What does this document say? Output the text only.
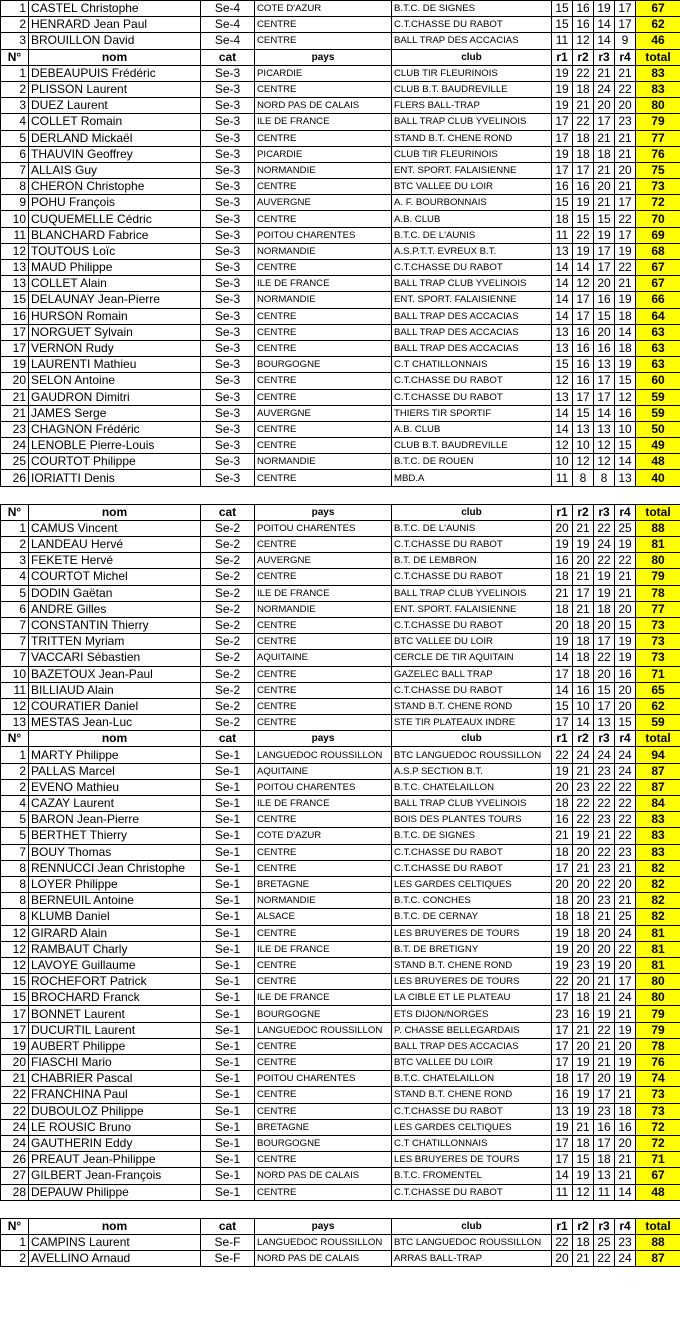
1	CASTEL Christophe	Se-4	COTE D'AZUR	B.T.C. DE SIGNES	15	16	19	17	67
2	HENRARD Jean Paul	Se-4	CENTRE	C.T.CHASSE DU RABOT	15	16	14	17	62
3	BROUILLON David	Se-4	CENTRE	BALL TRAP DES ACCACIAS	11	12	14	9	46
N°	nom	cat	pays	club	r1	r2	r3	r4	total
1	DEBEAUPUIS Frédéric	Se-3	PICARDIE	CLUB TIR FLEURINOIS	19	22	21	21	83
2	PLISSON Laurent	Se-3	CENTRE	CLUB B.T. BAUDREVILLE	19	18	24	22	83
3	DUEZ Laurent	Se-3	NORD PAS DE CALAIS	FLERS BALL-TRAP	19	21	20	20	80
4	COLLET Romain	Se-3	ILE DE FRANCE	BALL TRAP CLUB YVELINOIS	17	22	17	23	79
5	DERLAND Mickaël	Se-3	CENTRE	STAND B.T. CHENE ROND	17	18	21	21	77
6	THAUVIN Geoffrey	Se-3	PICARDIE	CLUB TIR FLEURINOIS	19	18	18	21	76
7	ALLAIS Guy	Se-3	NORMANDIE	ENT. SPORT. FALAISIENNE	17	17	21	20	75
8	CHERON Christophe	Se-3	CENTRE	BTC VALLEE DU LOIR	16	16	20	21	73
9	POHU François	Se-3	AUVERGNE	A. F. BOURBONNAIS	15	19	21	17	72
10	CUQUEMELLE Cédric	Se-3	CENTRE	A.B. CLUB	18	15	15	22	70
11	BLANCHARD Fabrice	Se-3	POITOU CHARENTES	B.T.C. DE L'AUNIS	11	22	19	17	69
12	TOUTOUS Loïc	Se-3	NORMANDIE	A.S.P.T.T. EVREUX B.T.	13	19	17	19	68
13	MAUD Philippe	Se-3	CENTRE	C.T.CHASSE DU RABOT	14	14	17	22	67
13	COLLET Alain	Se-3	ILE DE FRANCE	BALL TRAP CLUB YVELINOIS	14	12	20	21	67
15	DELAUNAY Jean-Pierre	Se-3	NORMANDIE	ENT. SPORT. FALAISIENNE	14	17	16	19	66
16	HURSON Romain	Se-3	CENTRE	BALL TRAP DES ACCACIAS	14	17	15	18	64
17	NORGUET Sylvain	Se-3	CENTRE	BALL TRAP DES ACCACIAS	13	16	20	14	63
17	VERNON Rudy	Se-3	CENTRE	BALL TRAP DES ACCACIAS	13	16	16	18	63
19	LAURENTI Mathieu	Se-3	BOURGOGNE	C.T CHATILLONNAIS	15	16	13	19	63
20	SELON Antoine	Se-3	CENTRE	C.T.CHASSE DU RABOT	12	16	17	15	60
21	GAUDRON Dimitri	Se-3	CENTRE	C.T.CHASSE DU RABOT	13	17	17	12	59
21	JAMES Serge	Se-3	AUVERGNE	THIERS TIR SPORTIF	14	15	14	16	59
23	CHAGNON Frédéric	Se-3	CENTRE	A.B. CLUB	14	13	13	10	50
24	LENOBLE Pierre-Louis	Se-3	CENTRE	CLUB B.T. BAUDREVILLE	12	10	12	15	49
25	COURTOT Philippe	Se-3	NORMANDIE	B.T.C. DE ROUEN	10	12	12	14	48
26	IORIATTI Denis	Se-3	CENTRE	MBD.A	11	8	8	13	40

N°	nom	cat	pays	club	r1	r2	r3	r4	total
1	CAMUS Vincent	Se-2	POITOU CHARENTES	B.T.C. DE L'AUNIS	20	21	22	25	88
2	LANDEAU Hervé	Se-2	CENTRE	C.T.CHASSE DU RABOT	19	19	24	19	81
3	FEKETE Hervé	Se-2	AUVERGNE	B.T. DE LEMBRON	16	20	22	22	80
4	COURTOT Michel	Se-2	CENTRE	C.T.CHASSE DU RABOT	18	21	19	21	79
5	DODIN Gaëtan	Se-2	ILE DE FRANCE	BALL TRAP CLUB YVELINOIS	21	17	19	21	78
6	ANDRE Gilles	Se-2	NORMANDIE	ENT. SPORT. FALAISIENNE	18	21	18	20	77
7	CONSTANTIN Thierry	Se-2	CENTRE	C.T.CHASSE DU RABOT	20	18	20	15	73
7	TRITTEN Myriam	Se-2	CENTRE	BTC VALLEE DU LOIR	19	18	17	19	73
7	VACCARI Sébastien	Se-2	AQUITAINE	CERCLE DE TIR AQUITAIN	14	18	22	19	73
10	BAZETOUX Jean-Paul	Se-2	CENTRE	GAZELEC BALL TRAP	17	18	20	16	71
11	BILLIAUD Alain	Se-2	CENTRE	C.T.CHASSE DU RABOT	14	16	15	20	65
12	COURATIER Daniel	Se-2	CENTRE	STAND B.T. CHENE ROND	15	10	17	20	62
13	MESTAS Jean-Luc	Se-2	CENTRE	STE TIR PLATEAUX INDRE	17	14	13	15	59
N°	nom	cat	pays	club	r1	r2	r3	r4	total
1	MARTY Philippe	Se-1	LANGUEDOC ROUSSILLON	BTC LANGUEDOC ROUSSILLON	22	24	24	24	94
2	PALLAS Marcel	Se-1	AQUITAINE	A.S.P SECTION B.T.	19	21	23	24	87
2	EVENO Mathieu	Se-1	POITOU CHARENTES	B.T.C. CHATELAILLON	20	23	22	22	87
4	CAZAY Laurent	Se-1	ILE DE FRANCE	BALL TRAP CLUB YVELINOIS	18	22	22	22	84
5	BARON Jean-Pierre	Se-1	CENTRE	BOIS DES PLANTES TOURS	16	22	23	22	83
5	BERTHET Thierry	Se-1	COTE D'AZUR	B.T.C. DE SIGNES	21	19	21	22	83
7	BOUY Thomas	Se-1	CENTRE	C.T.CHASSE DU RABOT	18	20	22	23	83
8	RENNUCCI Jean Christophe	Se-1	CENTRE	C.T.CHASSE DU RABOT	17	21	23	21	82
8	LOYER Philippe	Se-1	BRETAGNE	LES GARDES CELTIQUES	20	20	22	20	82
8	BERNEUIL Antoine	Se-1	NORMANDIE	B.T.C. CONCHES	18	20	23	21	82
8	KLUMB Daniel	Se-1	ALSACE	B.T.C. DE CERNAY	18	18	21	25	82
12	GIRARD Alain	Se-1	CENTRE	LES BRUYERES DE TOURS	19	18	20	24	81
12	RAMBAUT Charly	Se-1	ILE DE FRANCE	B.T. DE BRETIGNY	19	20	20	22	81
12	LAVOYE Guillaume	Se-1	CENTRE	STAND B.T. CHENE ROND	19	23	19	20	81
15	ROCHEFORT Patrick	Se-1	CENTRE	LES BRUYERES DE TOURS	22	20	21	17	80
15	BROCHARD Franck	Se-1	ILE DE FRANCE	LA CIBLE ET LE PLATEAU	17	18	21	24	80
17	BONNET Laurent	Se-1	BOURGOGNE	ETS DIJON/NORGES	23	16	19	21	79
17	DUCURTIL Laurent	Se-1	LANGUEDOC ROUSSILLON	P. CHASSE BELLEGARDAIS	17	21	22	19	79
19	AUBERT Philippe	Se-1	CENTRE	BALL TRAP DES ACCACIAS	17	20	21	20	78
20	FIASCHI Mario	Se-1	CENTRE	BTC VALLEE DU LOIR	17	19	21	19	76
21	CHABRIER Pascal	Se-1	POITOU CHARENTES	B.T.C. CHATELAILLON	18	17	20	19	74
22	FRANCHINA Paul	Se-1	CENTRE	STAND B.T. CHENE ROND	16	19	17	21	73
22	DUBOULOZ Philippe	Se-1	CENTRE	C.T.CHASSE DU RABOT	13	19	23	18	73
24	LE ROUSIC Bruno	Se-1	BRETAGNE	LES GARDES CELTIQUES	19	21	16	16	72
24	GAUTHERIN Eddy	Se-1	BOURGOGNE	C.T CHATILLONNAIS	17	18	17	20	72
26	PREAUT Jean-Philippe	Se-1	CENTRE	LES BRUYERES DE TOURS	17	15	18	21	71
27	GILBERT Jean-François	Se-1	NORD PAS DE CALAIS	B.T.C. FROMENTEL	14	19	13	21	67
28	DEPAUW Philippe	Se-1	CENTRE	C.T.CHASSE DU RABOT	11	12	11	14	48

N°	nom	cat	pays	club	r1	r2	r3	r4	total
1	CAMPINS Laurent	Se-F	LANGUEDOC ROUSSILLON	BTC LANGUEDOC ROUSSILLON	22	18	25	23	88
2	AVELLINO Arnaud	Se-F	NORD PAS DE CALAIS	ARRAS BALL-TRAP	20	21	22	24	87
